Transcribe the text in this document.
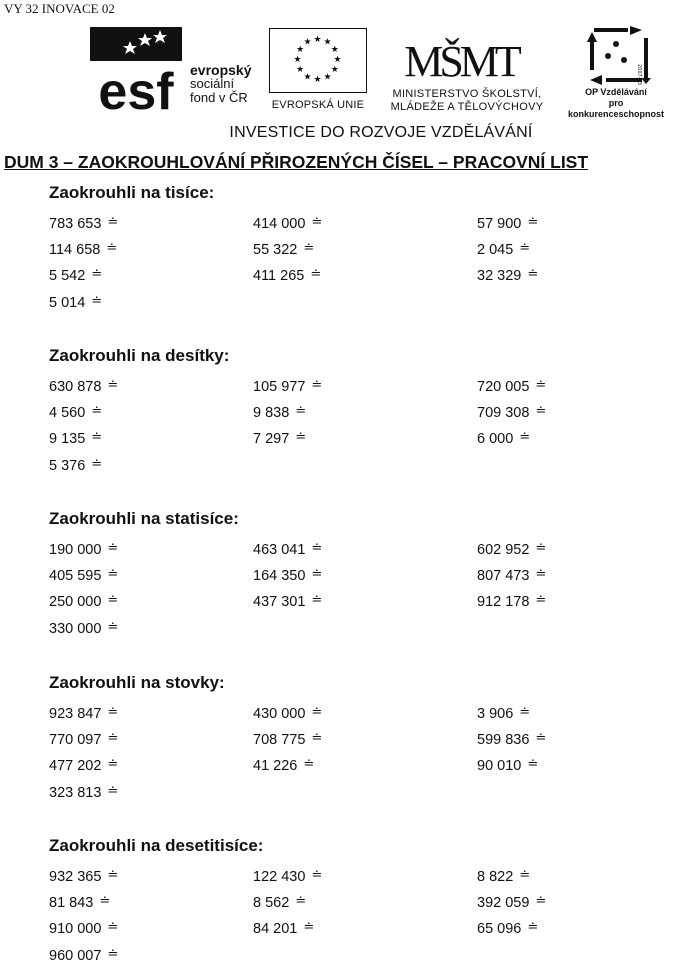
VY 32 INOVACE 02
esf evropský
sociální
fond v ČR
★ ★
★
★
★
★
★
★
★
★
★
★
EVROPSKÁ UNIE
MŠMT
MINISTERSTVO ŠKOLSTVÍ,
MLÁDEŽE A TĚLOVÝCHOVY
2007-13
OP Vzdělávání
pro konkurenceschopnost
INVESTICE DO ROZVOJE VZDĚLÁVÁNÍ
DUM 3 – ZAOKROUHLOVÁNÍ PŘIROZENÝCH ČÍSEL – PRACOVNÍ LIST
Zaokrouhli na tisíce:
783 653 ≐	414 000 ≐	57 900 ≐
114 658 ≐	55 322 ≐	2 045 ≐
5 542 ≐	411 265 ≐	32 329 ≐
5 014 ≐
Zaokrouhli na desítky:
630 878 ≐	105 977 ≐	720 005 ≐
4 560 ≐	9 838 ≐	709 308 ≐
9 135 ≐	7 297 ≐	6 000 ≐
5 376 ≐
Zaokrouhli na statisíce:
190 000 ≐	463 041 ≐	602 952 ≐
405 595 ≐	164 350 ≐	807 473 ≐
250 000 ≐	437 301 ≐	912 178 ≐
330 000 ≐
Zaokrouhli na stovky:
923 847 ≐	430 000 ≐	3 906 ≐
770 097 ≐	708 775 ≐	599 836 ≐
477 202 ≐	41 226 ≐	90 010 ≐
323 813 ≐
Zaokrouhli na desetitisíce:
932 365 ≐	122 430 ≐	8 822 ≐
81 843 ≐	8 562 ≐	392 059 ≐
910 000 ≐	84 201 ≐	65 096 ≐
960 007 ≐
